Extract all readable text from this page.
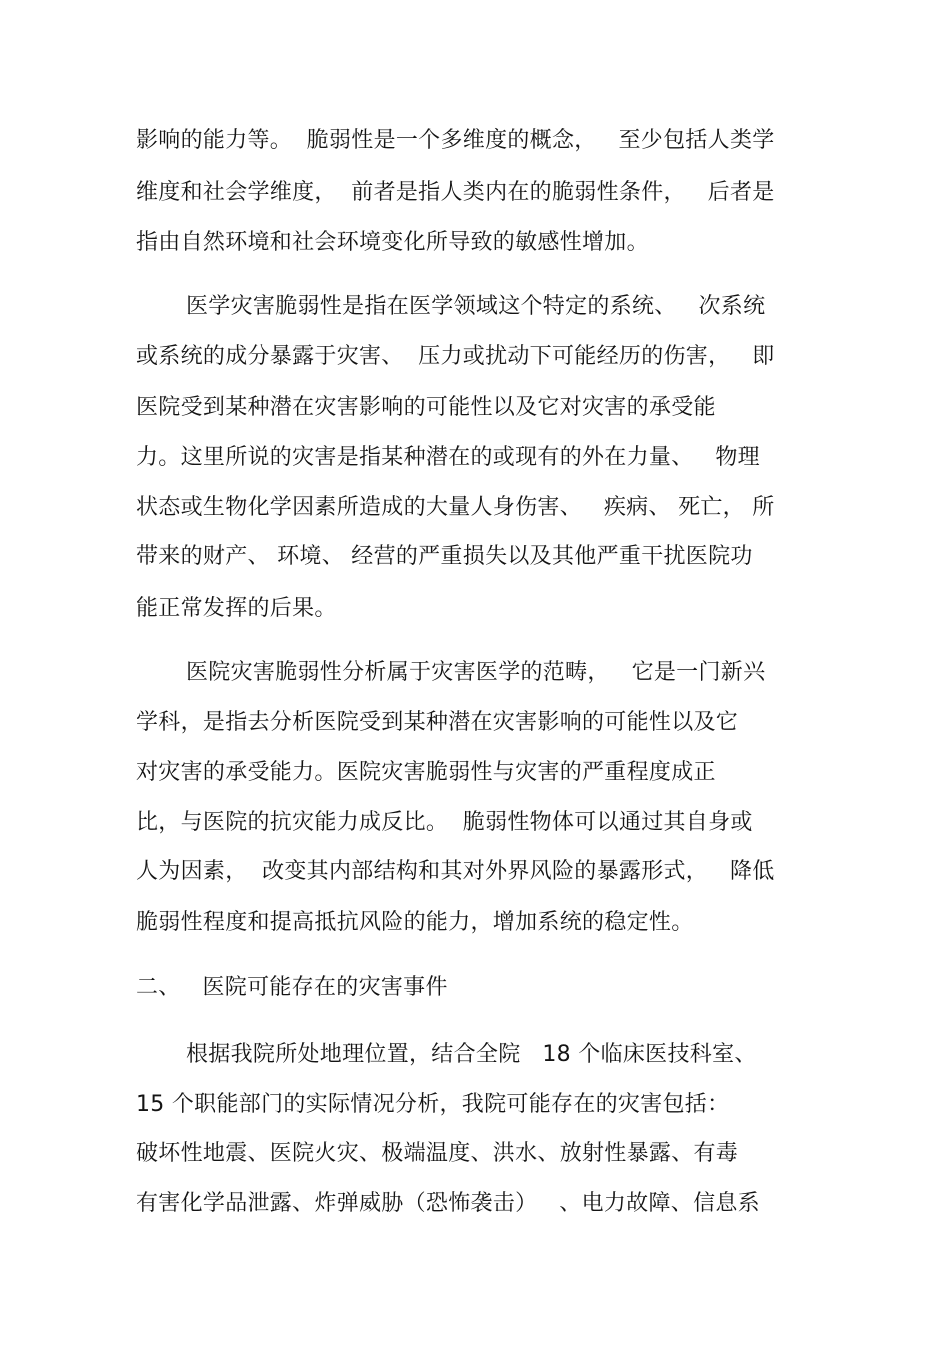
影响的能力等。  脆弱性是一个多维度的概念，   至少包括人类学
维度和社会学维度，  前者是指人类内在的脆弱性条件，   后者是
指由自然环境和社会环境变化所导致的敏感性增加。
医学灾害脆弱性是指在医学领域这个特定的系统、   次系统
或系统的成分暴露于灾害、  压力或扰动下可能经历的伤害，   即
医院受到某种潜在灾害影响的可能性以及它对灾害的承受能
力。这里所说的灾害是指某种潜在的或现有的外在力量、   物理
状态或生物化学因素所造成的大量人身伤害、   疾病、 死亡， 所
带来的财产、 环境、 经营的严重损失以及其他严重干扰医院功
能正常发挥的后果。
医院灾害脆弱性分析属于灾害医学的范畴，   它是一门新兴
学科，是指去分析医院受到某种潜在灾害影响的可能性以及它
对灾害的承受能力。医院灾害脆弱性与灾害的严重程度成正
比，与医院的抗灾能力成反比。  脆弱性物体可以通过其自身或
人为因素，  改变其内部结构和其对外界风险的暴露形式，   降低
脆弱性程度和提高抵抗风险的能力，增加系统的稳定性。
二、   医院可能存在的灾害事件
根据我院所处地理位置，结合全院   18 个临床医技科室、
15 个职能部门的实际情况分析，我院可能存在的灾害包括：
破坏性地震、医院火灾、极端温度、洪水、放射性暴露、有毒
有害化学品泄露、炸弹威胁（恐怖袭击）   、电力故障、信息系
